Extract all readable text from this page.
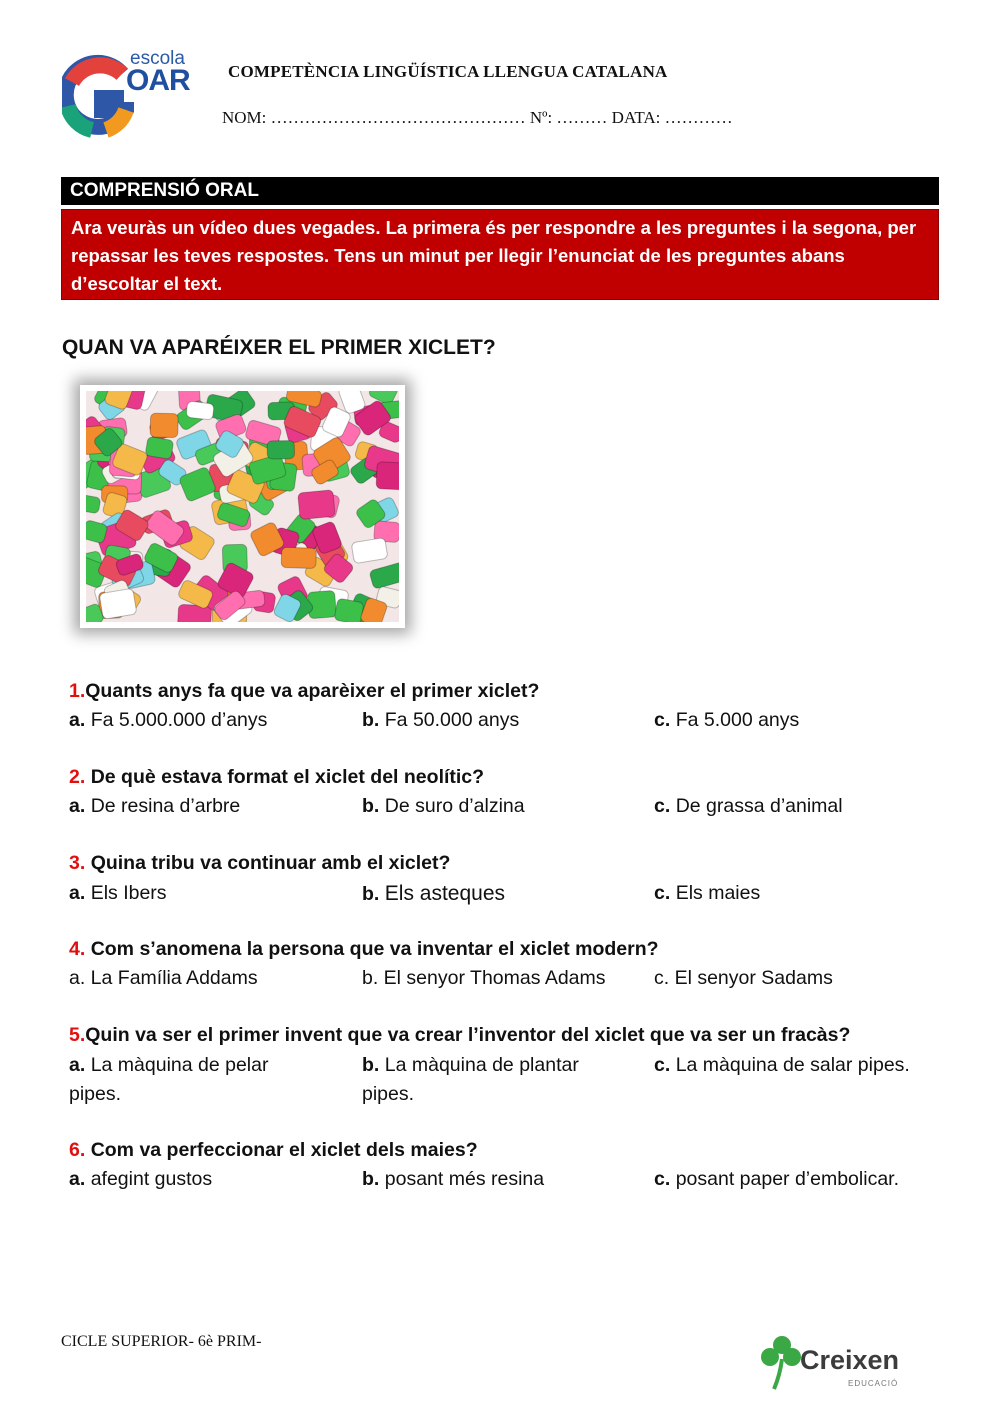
escola
OAR COMPETÈNCIA LINGÜÍSTICA LLENGUA CATALANA
NOM: ……………………………………… Nº: ……… DATA: …………
COMPRENSIÓ ORAL
Ara veuràs un vídeo dues vegades. La primera és per respondre a les preguntes i la segona, per repassar les teves respostes. Tens un minut per llegir l’enunciat de les preguntes abans d’escoltar el text.
QUAN VA APARÉIXER EL PRIMER XICLET?
1.Quants anys fa que va aparèixer el primer xiclet?
a. Fa 5.000.000 d’anys	b. Fa 50.000 anys	c. Fa 5.000 anys
2. De què estava format el xiclet del neolític?
a. De resina d’arbre	b. De suro d’alzina	c. De grassa d’animal
3. Quina tribu va continuar amb el xiclet?
a. Els Ibers	b. Els asteques	c. Els maies
4. Com s’anomena la persona que va inventar el xiclet modern?
a. La Família Addams	b. El senyor Thomas Adams c. El senyor Sadams
5.Quin va ser el primer invent que va crear l’inventor del xiclet que va ser un fracàs?
a. La màquina de pelar pipes.
b. La màquina de plantar pipes.
c. La màquina de salar pipes.
6. Com va perfeccionar el xiclet dels maies?
a. afegint gustos	b. posant més resina	c. posant paper d’embolicar.
CICLE SUPERIOR- 6è PRIM-
Creixen
EDUCACIÓ
